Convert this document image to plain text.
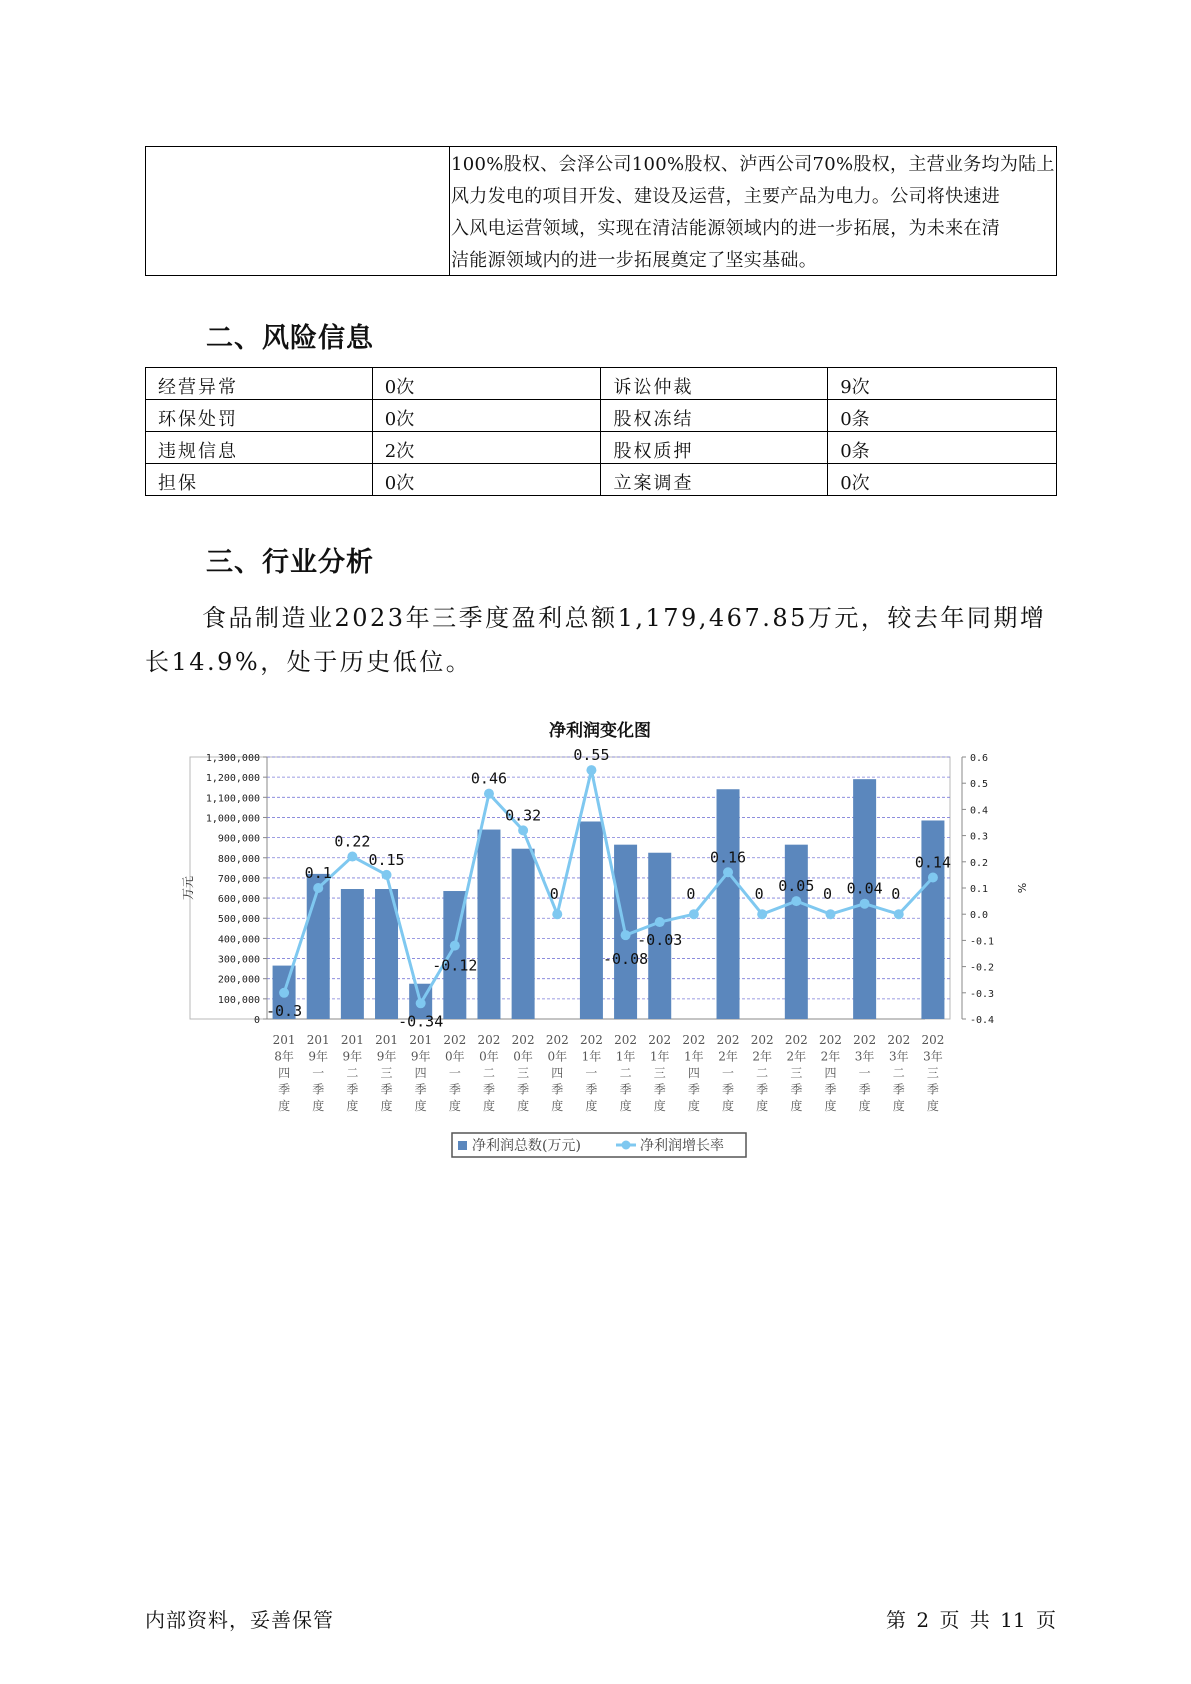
100%股权、会泽公司100%股权、泸西公司70%股权，主营业务均为陆上
风力发电的项目开发、建设及运营，主要产品为电力。公司将快速进
入风电运营领域，实现在清洁能源领域内的进一步拓展，为未来在清
洁能源领域内的进一步拓展奠定了坚实基础。
二、风险信息
经营异常	0次	诉讼仲裁	9次
环保处罚	0次	股权冻结	0条
违规信息	2次	股权质押	0条
担保	0次	立案调查	0次
三、行业分析
食品制造业2023年三季度盈利总额1,179,467.85万元，较去年同期增
长14.9%，处于历史低位。
净利润变化图
0
100,000
200,000
300,000
400,000
500,000
600,000
700,000
800,000
900,000
1,000,000
1,100,000
1,200,000
1,300,000
-0.4
-0.3
-0.2
-0.1
0.0
0.1
0.2
0.3
0.4
0.5
0.6
万元	%
-0.3
0.1
0.22
0.15
-0.34
-0.12
0.46
0.32
0
0.55
-0.08
-0.03
0
0.16
0 0.05 0 0.04 0
0.14
201 8年四季度
201 9年一季度
201 9年二季度
201 9年三季度
201 9年四季度
202 0年一季度
202 0年二季度
202 0年三季度
202 0年四季度
202 1年一季度
202 1年二季度
202 1年三季度
202 1年四季度
202 2年一季度
202 2年二季度
202 2年三季度
202 2年四季度
202 3年一季度
202 3年二季度
202 3年三季度
净利润总数(万元)	净利润增长率
内部资料，妥善保管	第 2 页 共 11 页
